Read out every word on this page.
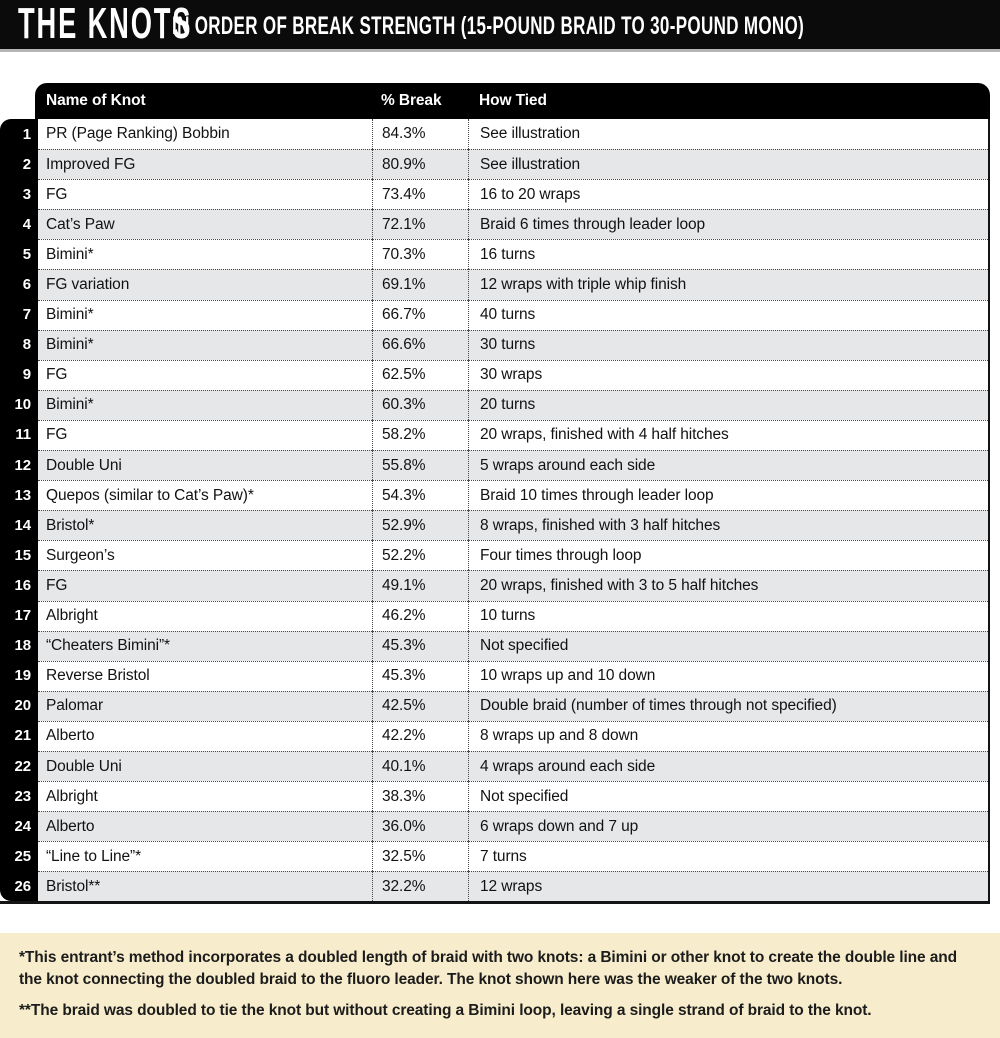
THE KNOTS
IN ORDER OF BREAK STRENGTH (15-POUND BRAID TO 30-POUND MONO)
Name of Knot	% Break	How Tied
1 PR (Page Ranking) Bobbin	84.3%	See illustration
2 Improved FG	80.9%	See illustration
3 FG	73.4%	16 to 20 wraps
4 Cat’s Paw	72.1%	Braid 6 times through leader loop
5 Bimini*	70.3%	16 turns
6 FG variation	69.1%	12 wraps with triple whip finish
7 Bimini*	66.7%	40 turns
8 Bimini*	66.6%	30 turns
9 FG	62.5%	30 wraps
10 Bimini*	60.3%	20 turns
11 FG	58.2%	20 wraps, finished with 4 half hitches
12 Double Uni	55.8%	5 wraps around each side
13 Quepos (similar to Cat’s Paw)*	54.3%	Braid 10 times through leader loop
14 Bristol*	52.9%	8 wraps, finished with 3 half hitches
15 Surgeon’s	52.2%	Four times through loop
16 FG	49.1%	20 wraps, finished with 3 to 5 half hitches
17 Albright	46.2%	10 turns
18 “Cheaters Bimini”*	45.3%	Not specified
19 Reverse Bristol	45.3%	10 wraps up and 10 down
20 Palomar	42.5%	Double braid (number of times through not specified)
21 Alberto	42.2%	8 wraps up and 8 down
22 Double Uni	40.1%	4 wraps around each side
23 Albright	38.3%	Not specified
24 Alberto	36.0%	6 wraps down and 7 up
25 “Line to Line”*	32.5%	7 turns
26 Bristol**	32.2%	12 wraps

*This entrant’s method incorporates a doubled length of braid with two knots: a Bimini or other knot to create the double line and the knot connecting the doubled braid to the fluoro leader. The knot shown here was the weaker of the two knots.

**The braid was doubled to tie the knot but without creating a Bimini loop, leaving a single strand of braid to the knot.
